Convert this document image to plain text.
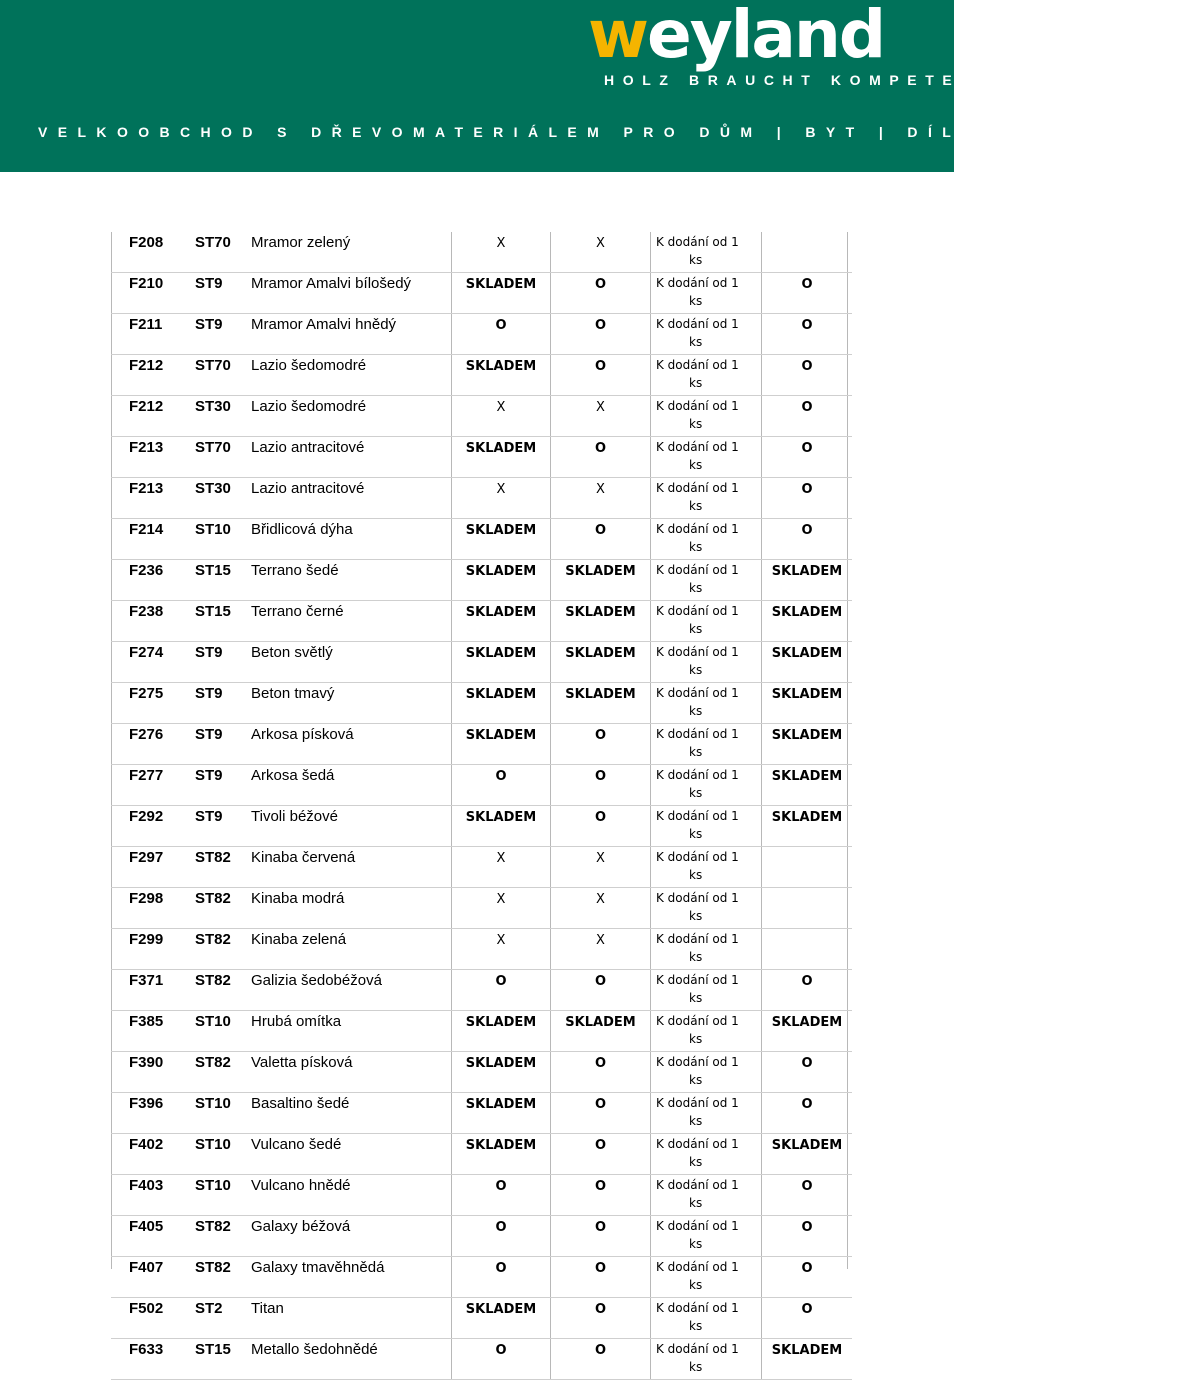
weyland
HOLZ BRAUCHT KOMPETENZ
VELKOOBCHOD S DŘEVOMATERIÁLEM PRO DŮM | BYT | DÍLNU | ZAHRADU
F208	ST70	Mramor zelený	X	X	K dodání od 1
ks	

F210	ST9	Mramor Amalvi bílošedý	SKLADEM	O	K dodání od 1
ks	O
F211	ST9	Mramor Amalvi hnědý	O	O	K dodání od 1
ks	O
F212	ST70	Lazio šedomodré	SKLADEM	O	K dodání od 1
ks	O
F212	ST30	Lazio šedomodré	X	X	K dodání od 1
ks	O
F213	ST70	Lazio antracitové	SKLADEM	O	K dodání od 1
ks	O
F213	ST30	Lazio antracitové	X	X	K dodání od 1
ks	O
F214	ST10	Břidlicová dýha	SKLADEM	O	K dodání od 1
ks	O
F236	ST15	Terrano šedé	SKLADEM	SKLADEM	K dodání od 1
ks	SKLADEM
F238	ST15	Terrano černé	SKLADEM	SKLADEM	K dodání od 1
ks	SKLADEM
F274	ST9	Beton světlý	SKLADEM	SKLADEM	K dodání od 1
ks	SKLADEM
F275	ST9	Beton tmavý	SKLADEM	SKLADEM	K dodání od 1
ks	SKLADEM
F276	ST9	Arkosa písková	SKLADEM	O	K dodání od 1
ks	SKLADEM
F277	ST9	Arkosa šedá	O	O	K dodání od 1
ks	SKLADEM
F292	ST9	Tivoli béžové	SKLADEM	O	K dodání od 1
ks	SKLADEM
F297	ST82	Kinaba červená	X	X	K dodání od 1
ks	

F298	ST82	Kinaba modrá	X	X	K dodání od 1
ks	

F299	ST82	Kinaba zelená	X	X	K dodání od 1
ks	

F371	ST82	Galizia šedobéžová	O	O	K dodání od 1
ks	O
F385	ST10	Hrubá omítka	SKLADEM	SKLADEM	K dodání od 1
ks	SKLADEM
F390	ST82	Valetta písková	SKLADEM	O	K dodání od 1
ks	O
F396	ST10	Basaltino šedé	SKLADEM	O	K dodání od 1
ks	O
F402	ST10	Vulcano šedé	SKLADEM	O	K dodání od 1
ks	SKLADEM
F403	ST10	Vulcano hnědé	O	O	K dodání od 1
ks	O
F405	ST82	Galaxy béžová	O	O	K dodání od 1
ks	O
F407	ST82	Galaxy tmavěhnědá	O	O	K dodání od 1
ks	O
F502	ST2	Titan	SKLADEM	O	K dodání od 1
ks	O
F633	ST15	Metallo šedohnědé	O	O	K dodání od 1
ks	SKLADEM
